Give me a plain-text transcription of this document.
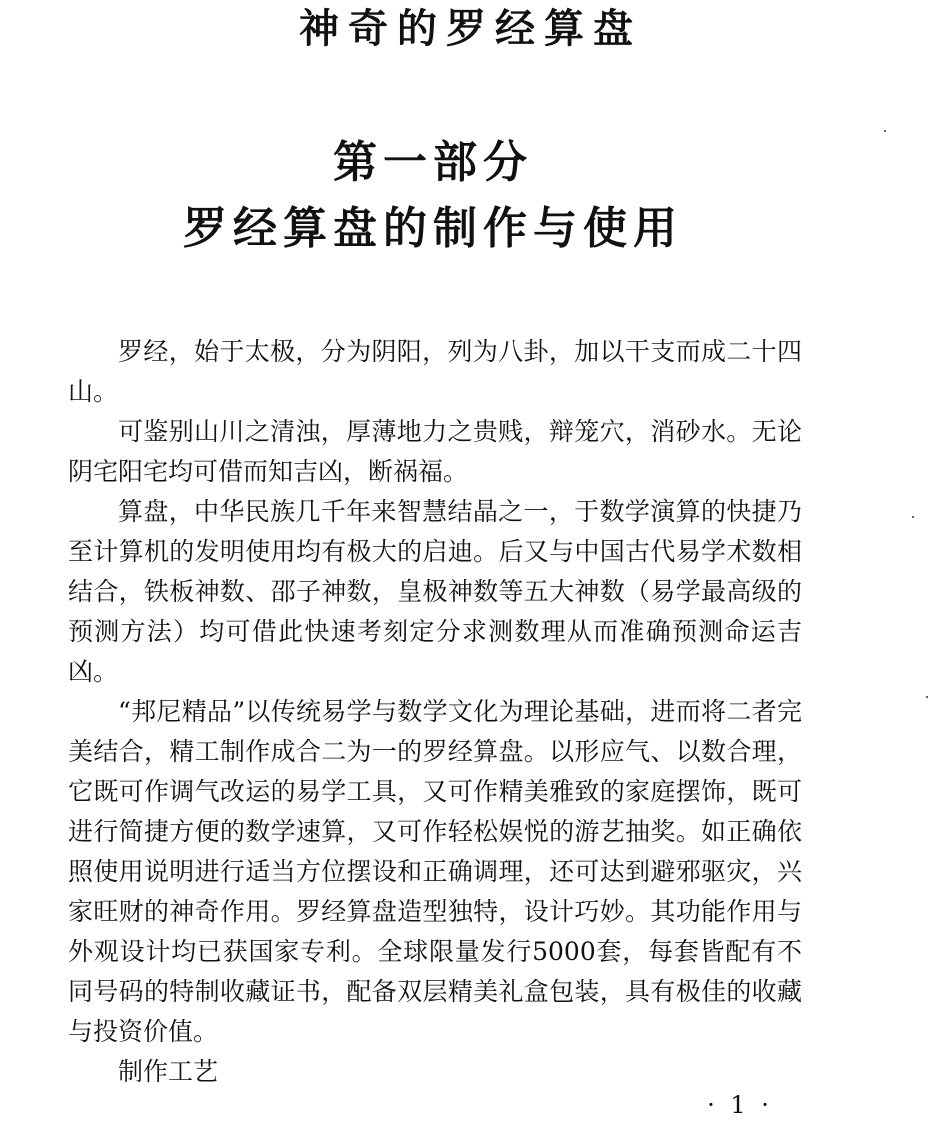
神奇的罗经算盘
第一部分
罗经算盘的制作与使用

罗经，始于太极，分为阴阳，列为八卦，加以干支而成二十四山。

可鉴别山川之清浊，厚薄地力之贵贱，辩笼穴，消砂水。无论阴宅阳宅均可借而知吉凶，断祸福。

算盘，中华民族几千年来智慧结晶之一，于数学演算的快捷乃至计算机的发明使用均有极大的启迪。后又与中国古代易学术数相结合，铁板神数、邵子神数，皇极神数等五大神数（易学最高级的预测方法）均可借此快速考刻定分求测数理从而准确预测命运吉凶。

“邦尼精品”以传统易学与数学文化为理论基础，进而将二者完美结合，精工制作成合二为一的罗经算盘。以形应气、以数合理，它既可作调气改运的易学工具，又可作精美雅致的家庭摆饰，既可进行简捷方便的数学速算，又可作轻松娱悦的游艺抽奖。如正确依照使用说明进行适当方位摆设和正确调理，还可达到避邪驱灾，兴家旺财的神奇作用。罗经算盘造型独特，设计巧妙。其功能作用与外观设计均已获国家专利。全球限量发行5000套，每套皆配有不同号码的特制收藏证书，配备双层精美礼盒包装，具有极佳的收藏与投资价值。

制作工艺

· 1 ·
